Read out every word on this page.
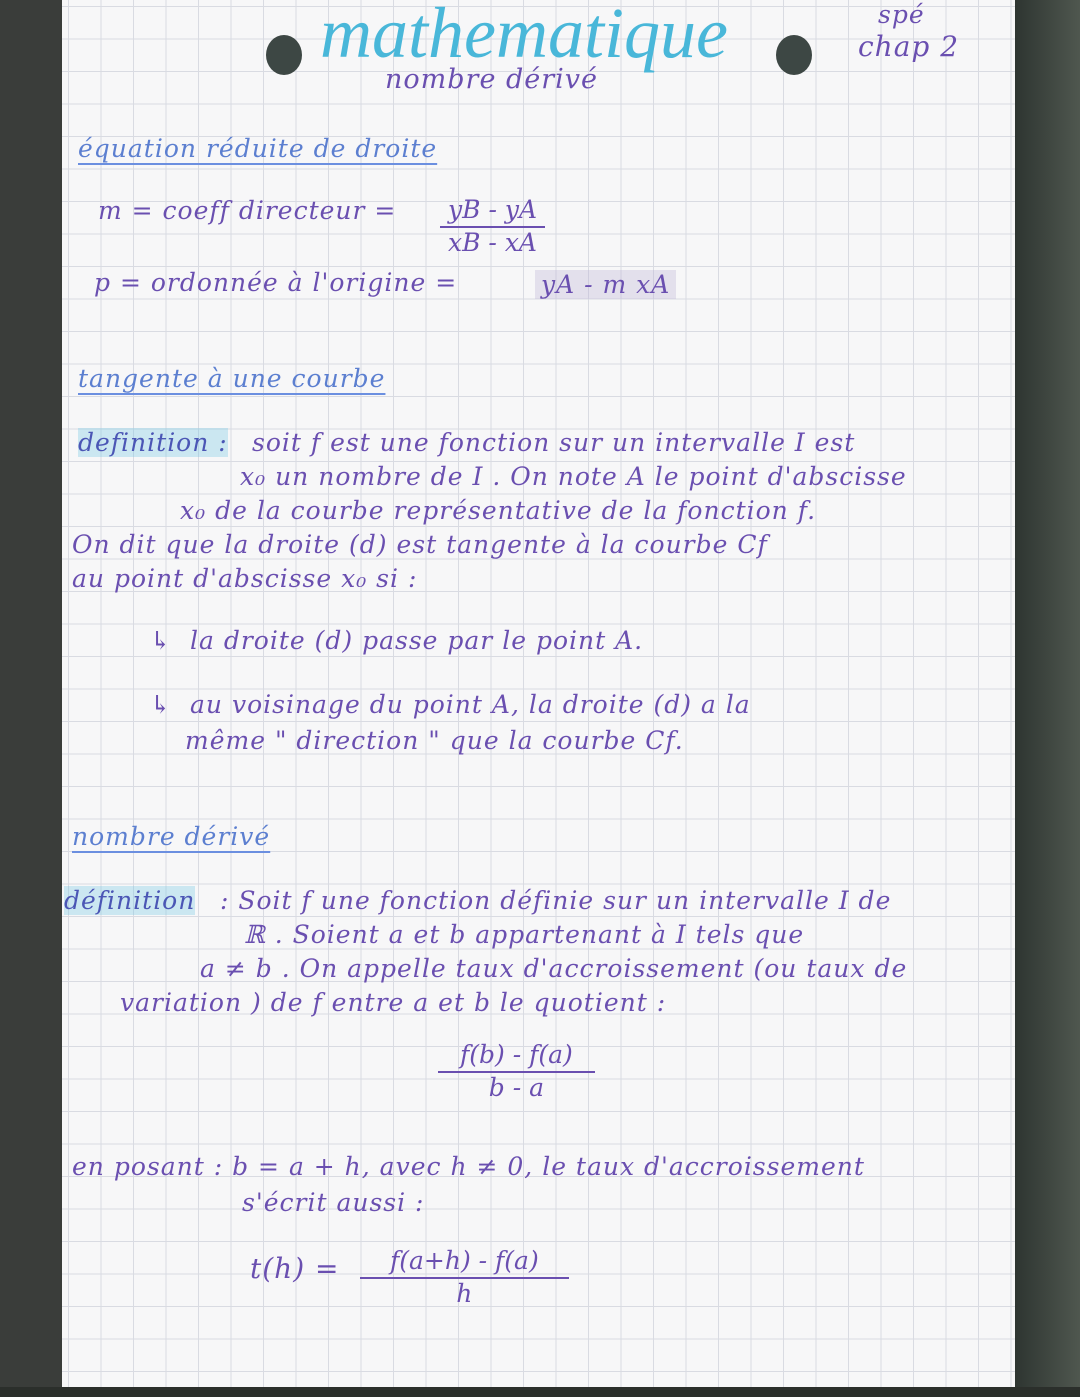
mathematique
nombre dérivé
spé
chap 2
équation réduite de droite
m = coeff directeur = $\frac{yB - yA}{xB - xA}$
p = ordonnée à l'origine =	yA - m xA
tangente à une courbe
definition : soit f est une fonction sur un intervalle I est
x₀ un nombre de I . On note A le point d'abscisse
x₀ de la courbe représentative de la fonction f.
On dit que la droite (d) est tangente à la courbe Cf
au point d'abscisse x₀ si :
↳ la droite (d) passe par le point A.
↳ au voisinage du point A, la droite (d) a la
même " direction " que la courbe Cf.
nombre dérivé
définition : Soit f une fonction définie sur un intervalle I de
ℝ . Soient a et b appartenant à I tels que
a ≠ b . On appelle taux d'accroissement (ou taux de
variation ) de f entre a et b le quotient :
$\frac{f(b) - f(a)}{b - a}$
en posant : b = a + h, avec h ≠ 0, le taux d'accroissement
s'écrit aussi :
$t(h) = \frac{f(a+h) - f(a)}{h}$
